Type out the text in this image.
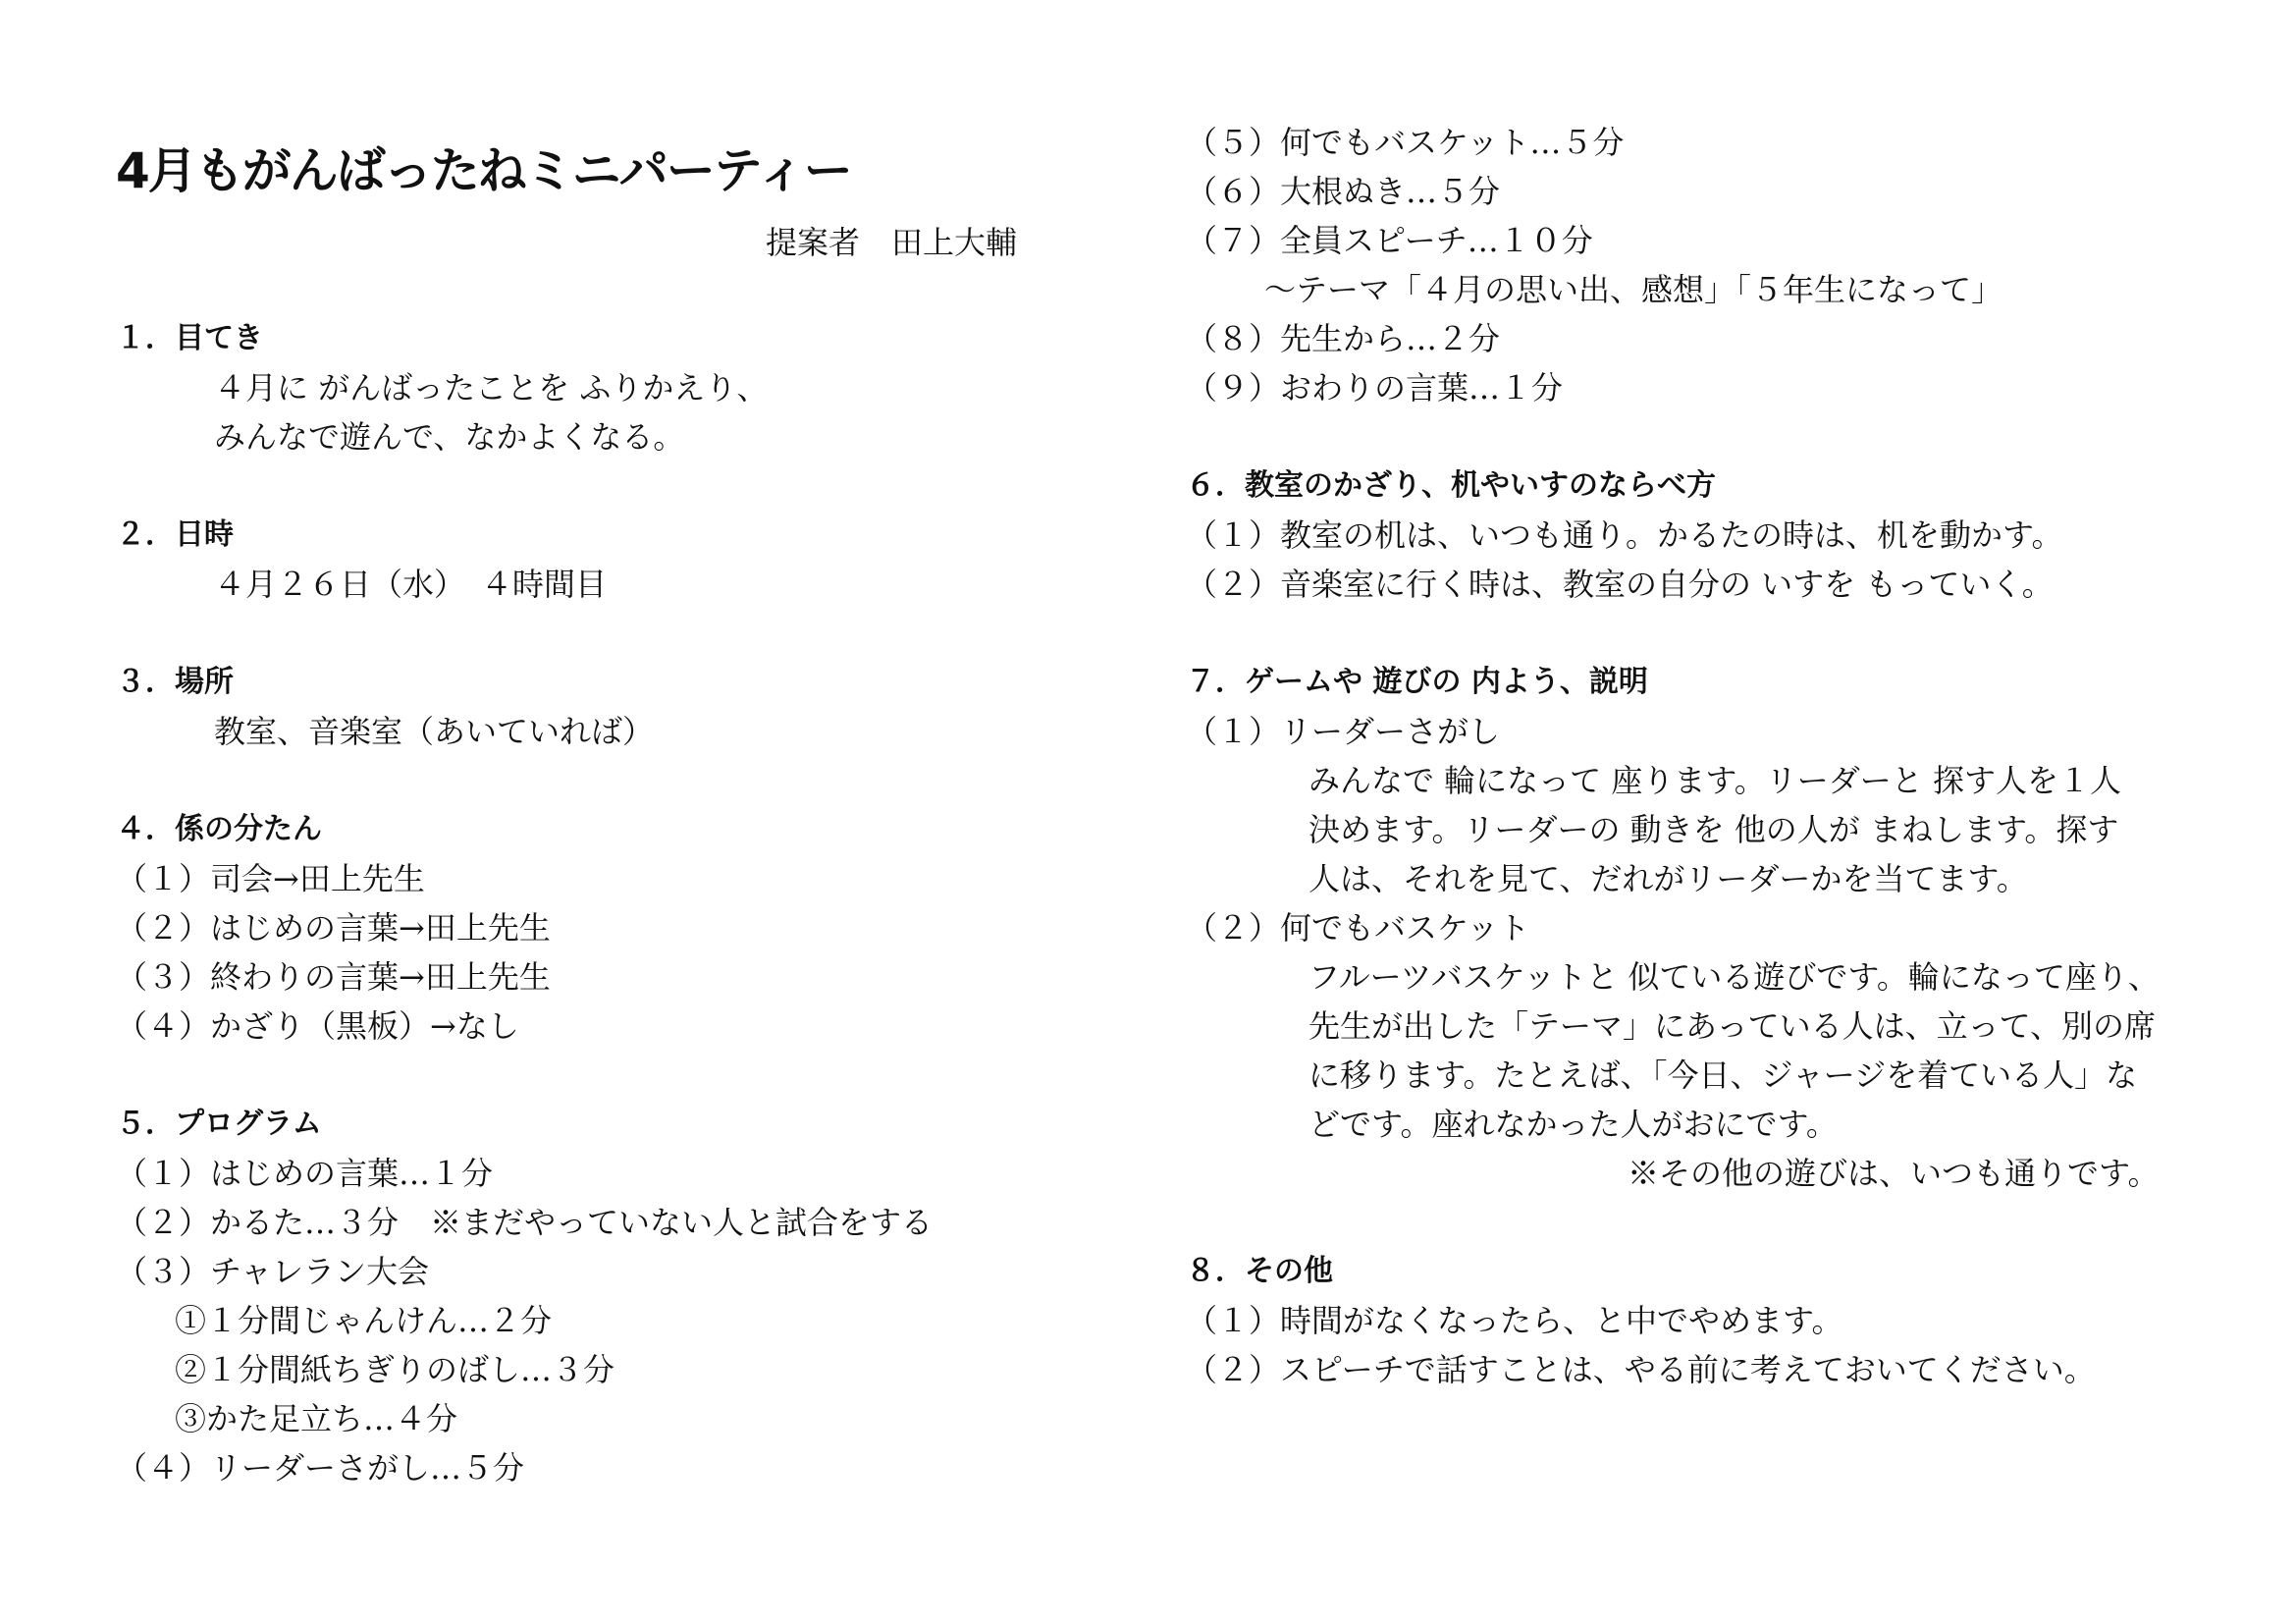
4月もがんばったねミニパーティー
提案者　田上大輔
１．目てき
４月に がんばったことを ふりかえり、
みんなで遊んで、なかよくなる。
２．日時
４月２６日（水）　４時間目
３．場所
教室、音楽室（あいていれば）
４．係の分たん
（１）司会→田上先生
（２）はじめの言葉→田上先生
（３）終わりの言葉→田上先生
（４）かざり（黒板）→なし
５．プログラム
（１）はじめの言葉…１分
（２）かるた…３分　※まだやっていない人と試合をする
（３）チャレラン大会
①１分間じゃんけん…２分
②１分間紙ちぎりのばし…３分
③かた足立ち…４分
（４）リーダーさがし…５分
（５）何でもバスケット…５分
（６）大根ぬき…５分
（７）全員スピーチ…１０分
～テーマ「４月の思い出、感想」「５年生になって」
（８）先生から…２分
（９）おわりの言葉…１分
６．教室のかざり、机やいすのならべ方
（１）教室の机は、いつも通り。かるたの時は、机を動かす。
（２）音楽室に行く時は、教室の自分の いすを もっていく。
７．ゲームや 遊びの 内よう、説明
（１）リーダーさがし
みんなで 輪になって 座ります。リーダーと 探す人を１人
決めます。リーダーの 動きを 他の人が まねします。探す
人は、それを見て、だれがリーダーかを当てます。
（２）何でもバスケット
フルーツバスケットと 似ている遊びです。輪になって座り、
先生が出した「テーマ」にあっている人は、立って、別の席
に移ります。たとえば、「今日、ジャージを着ている人」な
どです。座れなかった人がおにです。
※その他の遊びは、いつも通りです。
８．その他
（１）時間がなくなったら、と中でやめます。
（２）スピーチで話すことは、やる前に考えておいてください。
